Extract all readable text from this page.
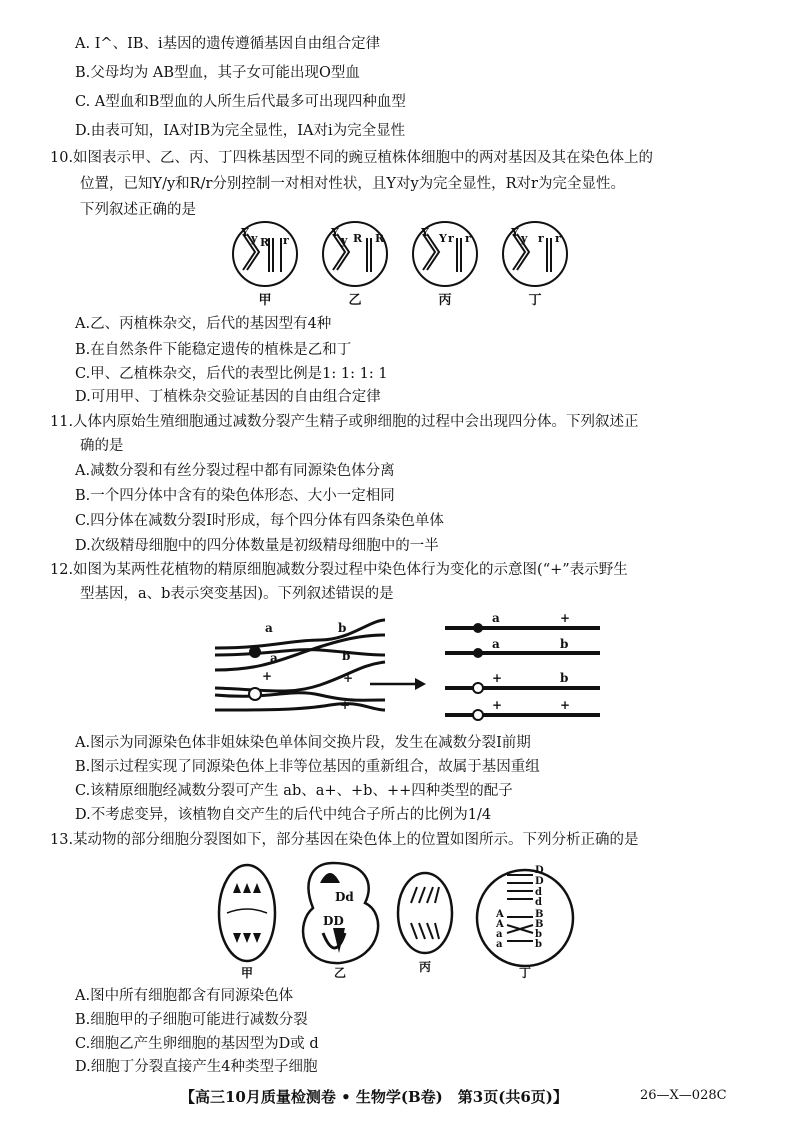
A. I^、IB、i基因的遗传遵循基因自由组合定律
B.父母均为 AB型血，其子女可能出现O型血
C. A型血和B型血的人所生后代最多可出现四种血型
D.由表可知，IA对IB为完全显性，IA对i为完全显性
10.如图表示甲、乙、丙、丁四株基因型不同的豌豆植株体细胞中的两对基因及其在染色体上的
位置，已知Y/y和R/r分别控制一对相对性状，且Y对y为完全显性，R对r为完全显性。
下列叙述正确的是
Y y R r
Y
y R R	Y Y r r	Y y r r
甲	乙	丙	丁
A.乙、丙植株杂交，后代的基因型有4种
B.在自然条件下能稳定遗传的植株是乙和丁
C.甲、乙植株杂交，后代的表型比例是1: 1: 1: 1
D.可用甲、丁植株杂交验证基因的自由组合定律
11.人体内原始生殖细胞通过减数分裂产生精子或卵细胞的过程中会出现四分体。下列叙述正
确的是
A.减数分裂和有丝分裂过程中都有同源染色体分离
B.一个四分体中含有的染色体形态、大小一定相同
C.四分体在减数分裂Ⅰ时形成，每个四分体有四条染色单体
D.次级精母细胞中的四分体数量是初级精母细胞中的一半
12.如图为某两性花植物的精原细胞减数分裂过程中染色体行为变化的示意图(“+”表示野生
型基因，a、b表示突变基因)。下列叙述错误的是
a	b
a	b
+	+
+
a	+
a	b
+	b
+	+
A.图示为同源染色体非姐妹染色单体间交换片段，发生在减数分裂Ⅰ前期
B.图示过程实现了同源染色体上非等位基因的重新组合，故属于基因重组
C.该精原细胞经减数分裂可产生 ab、a+、+b、++四种类型的配子
D.不考虑变异，该植物自交产生的后代中纯合子所占的比例为1/4
13.某动物的部分细胞分裂图如下，部分基因在染色体上的位置如图所示。下列分析正确的是
Dd
DD
D
D
d
d
A	B
A	B
a	b
a	b
甲	乙	丙	丁
A.图中所有细胞都含有同源染色体
B.细胞甲的子细胞可能进行减数分裂
C.细胞乙产生卵细胞的基因型为D或 d
D.细胞丁分裂直接产生4种类型子细胞
【高三10月质量检测卷 • 生物学(B卷)　第3页(共6页)】	26—X—028C
